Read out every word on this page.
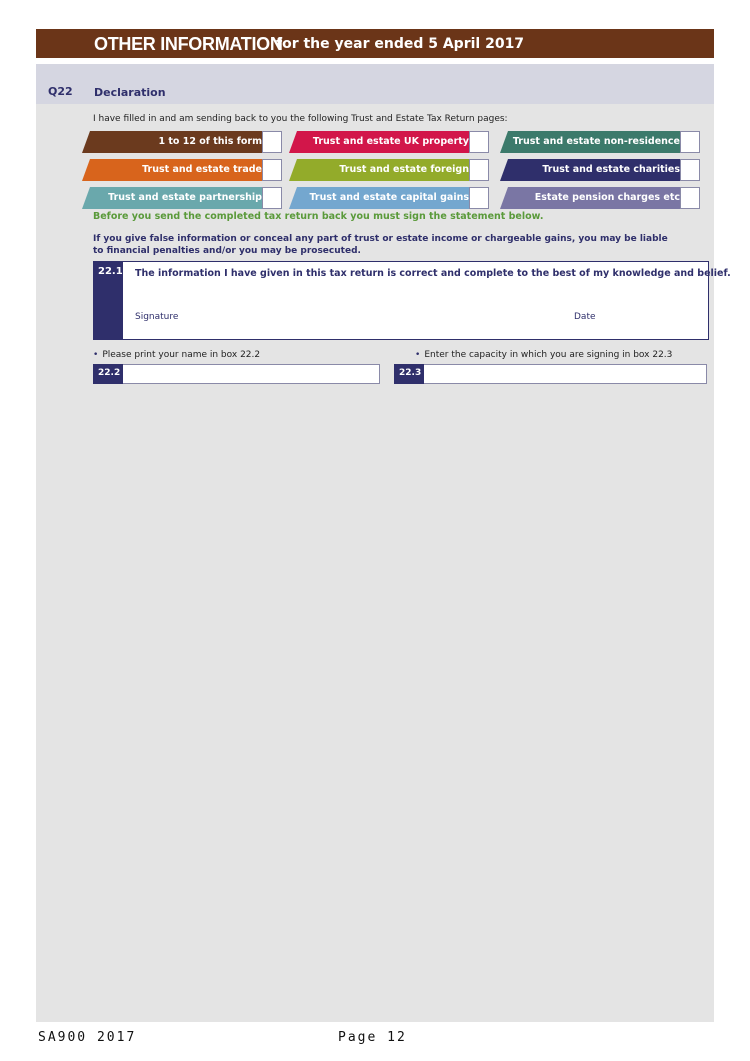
OTHER INFORMATION
for the year ended 5 April 2017
Q22 Declaration
I have filled in and am sending back to you the following Trust and Estate Tax Return pages:
1 to 12 of this form	Trust and estate UK property	Trust and estate non-residence
Trust and estate trade	Trust and estate foreign	Trust and estate charities
Trust and estate partnership	Trust and estate capital gains	Estate pension charges etc
Before you send the completed tax return back you must sign the statement below.
If you give false information or conceal any part of trust or estate income or chargeable gains, you may be liable
to financial penalties and/or you may be prosecuted.
22.1 The information I have given in this tax return is correct and complete to the best of my knowledge and belief.
Signature	Date
• Please print your name in box 22.2	• Enter the capacity in which you are signing in box 22.3
22.2	22.3
SA900 2017	Page 12
